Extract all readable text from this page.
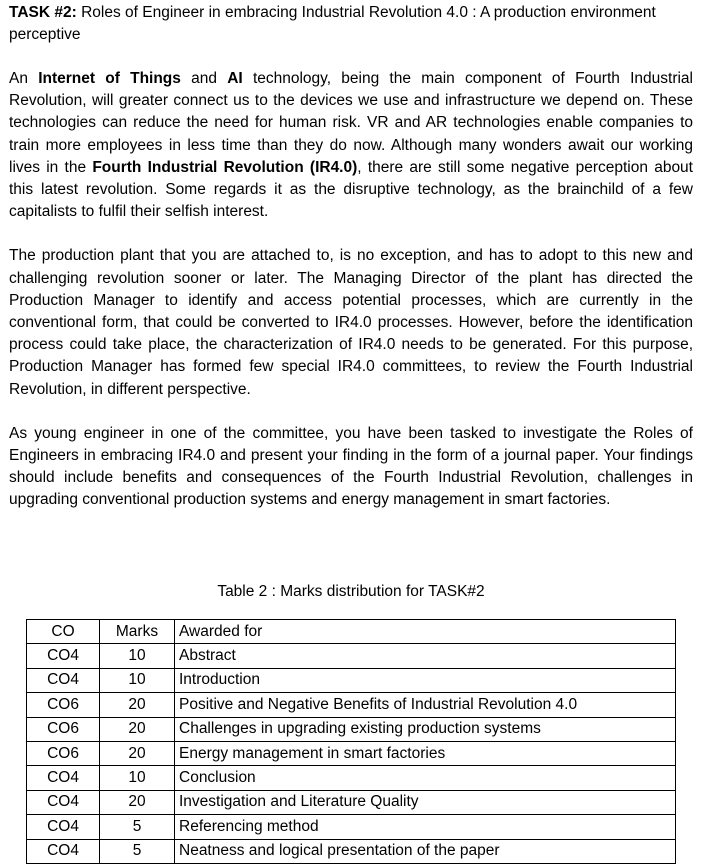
TASK #2: Roles of Engineer in embracing Industrial Revolution 4.0 : A production environment perceptive

An Internet of Things and AI technology, being the main component of Fourth Industrial Revolution, will greater connect us to the devices we use and infrastructure we depend on. These technologies can reduce the need for human risk. VR and AR technologies enable companies to train more employees in less time than they do now. Although many wonders await our working lives in the Fourth Industrial Revolution (IR4.0), there are still some negative perception about this latest revolution. Some regards it as the disruptive technology, as the brainchild of a few capitalists to fulfil their selfish interest.

The production plant that you are attached to, is no exception, and has to adopt to this new and challenging revolution sooner or later. The Managing Director of the plant has directed the Production Manager to identify and access potential processes, which are currently in the conventional form, that could be converted to IR4.0 processes. However, before the identification process could take place, the characterization of IR4.0 needs to be generated. For this purpose, Production Manager has formed few special IR4.0 committees, to review the Fourth Industrial Revolution, in different perspective.

As young engineer in one of the committee, you have been tasked to investigate the Roles of Engineers in embracing IR4.0 and present your finding in the form of a journal paper. Your findings should include benefits and consequences of the Fourth Industrial Revolution, challenges in upgrading conventional production systems and energy management in smart factories.

Table 2 : Marks distribution for TASK#2
CO	Marks	Awarded for
CO4	10	Abstract
CO4	10	Introduction
CO6	20	Positive and Negative Benefits of Industrial Revolution 4.0
CO6	20	Challenges in upgrading existing production systems
CO6	20	Energy management in smart factories
CO4	10	Conclusion
CO4	20	Investigation and Literature Quality
CO4	5	Referencing method
CO4	5	Neatness and logical presentation of the paper
